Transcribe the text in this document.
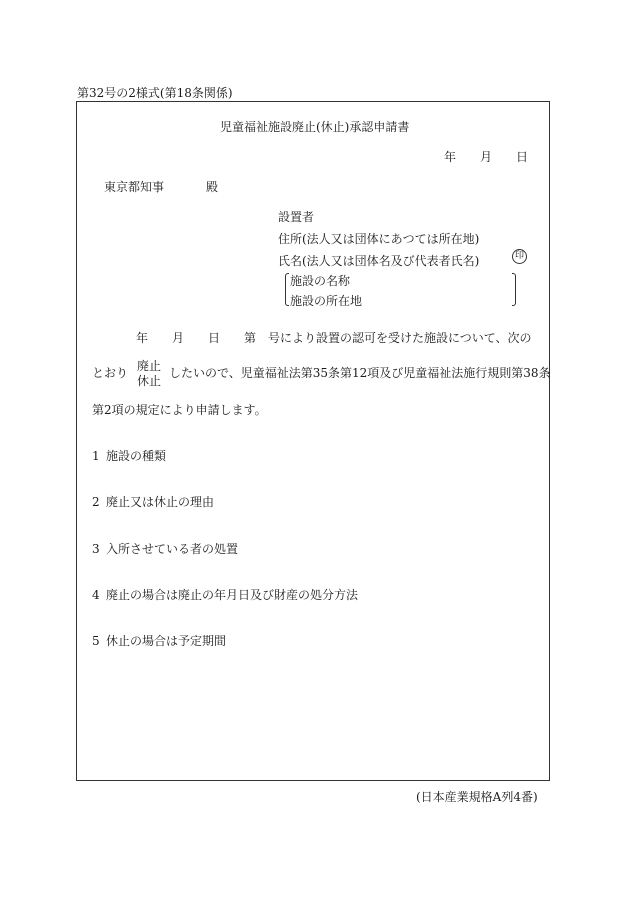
第32号の2様式(第18条関係)
児童福祉施設廃止(休止)承認申請書
年 月 日
東京都知事	殿
設置者
住所(法人又は団体にあつては所在地)
氏名(法人又は団体名及び代表者氏名)	印
施設の名称
施設の所在地
年 月 日 第 号により設置の認可を受けた施設について、次の
とおり 廃止
休止
したいので、児童福祉法第35条第12項及び児童福祉法施行規則第38条
第2項の規定により申請します。
1 施設の種類
2 廃止又は休止の理由
3 入所させている者の処置
4 廃止の場合は廃止の年月日及び財産の処分方法
5 休止の場合は予定期間
(日本産業規格A列4番)
